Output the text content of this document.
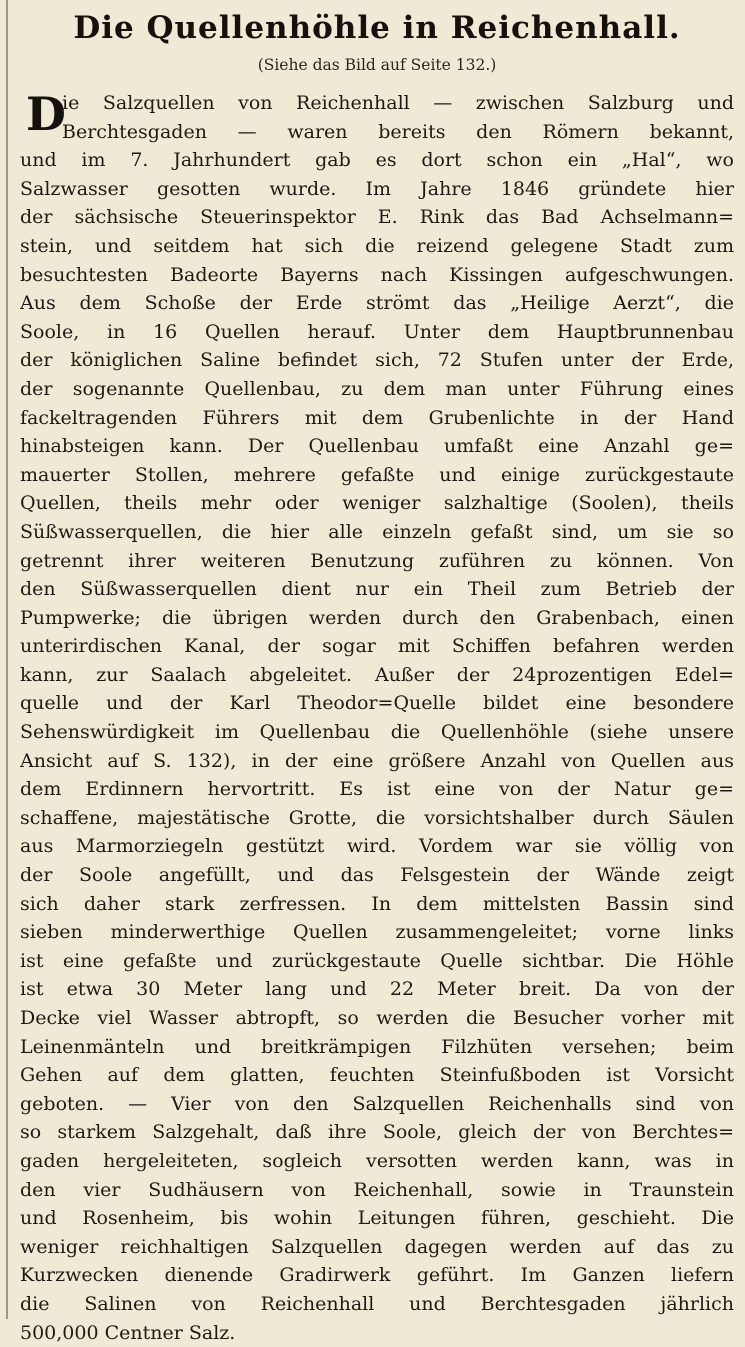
Die Quellenhöhle in Reichenhall.
(Siehe das Bild auf Seite 132.)
D
ie Salzquellen von Reichenhall — zwischen Salzburg und
Berchtesgaden — waren bereits den Römern bekannt,
und im 7. Jahrhundert gab es dort schon ein „Hal“, wo
Salzwasser gesotten wurde. Im Jahre 1846 gründete hier
der sächsische Steuerinspektor E. Rink das Bad Achselmann=
stein, und seitdem hat sich die reizend gelegene Stadt zum
besuchtesten Badeorte Bayerns nach Kissingen aufgeschwungen.
Aus dem Schoße der Erde strömt das „Heilige Aerzt“, die
Soole, in 16 Quellen herauf. Unter dem Hauptbrunnenbau
der königlichen Saline befindet sich, 72 Stufen unter der Erde,
der sogenannte Quellenbau, zu dem man unter Führung eines
fackeltragenden Führers mit dem Grubenlichte in der Hand
hinabsteigen kann. Der Quellenbau umfaßt eine Anzahl ge=
mauerter Stollen, mehrere gefaßte und einige zurückgestaute
Quellen, theils mehr oder weniger salzhaltige (Soolen), theils
Süßwasserquellen, die hier alle einzeln gefaßt sind, um sie so
getrennt ihrer weiteren Benutzung zuführen zu können. Von
den Süßwasserquellen dient nur ein Theil zum Betrieb der
Pumpwerke; die übrigen werden durch den Grabenbach, einen
unterirdischen Kanal, der sogar mit Schiffen befahren werden
kann, zur Saalach abgeleitet. Außer der 24prozentigen Edel=
quelle und der Karl Theodor=Quelle bildet eine besondere
Sehenswürdigkeit im Quellenbau die Quellenhöhle (siehe unsere
Ansicht auf S. 132), in der eine größere Anzahl von Quellen aus
dem Erdinnern hervortritt. Es ist eine von der Natur ge=
schaffene, majestätische Grotte, die vorsichtshalber durch Säulen
aus Marmorziegeln gestützt wird. Vordem war sie völlig von
der Soole angefüllt, und das Felsgestein der Wände zeigt
sich daher stark zerfressen. In dem mittelsten Bassin sind
sieben minderwerthige Quellen zusammengeleitet; vorne links
ist eine gefaßte und zurückgestaute Quelle sichtbar. Die Höhle
ist etwa 30 Meter lang und 22 Meter breit. Da von der
Decke viel Wasser abtropft, so werden die Besucher vorher mit
Leinenmänteln und breitkrämpigen Filzhüten versehen; beim
Gehen auf dem glatten, feuchten Steinfußboden ist Vorsicht
geboten. — Vier von den Salzquellen Reichenhalls sind von
so starkem Salzgehalt, daß ihre Soole, gleich der von Berchtes=
gaden hergeleiteten, sogleich versotten werden kann, was in
den vier Sudhäusern von Reichenhall, sowie in Traunstein
und Rosenheim, bis wohin Leitungen führen, geschieht. Die
weniger reichhaltigen Salzquellen dagegen werden auf das zu
Kurzwecken dienende Gradirwerk geführt. Im Ganzen liefern
die Salinen von Reichenhall und Berchtesgaden jährlich
500,000 Centner Salz.
